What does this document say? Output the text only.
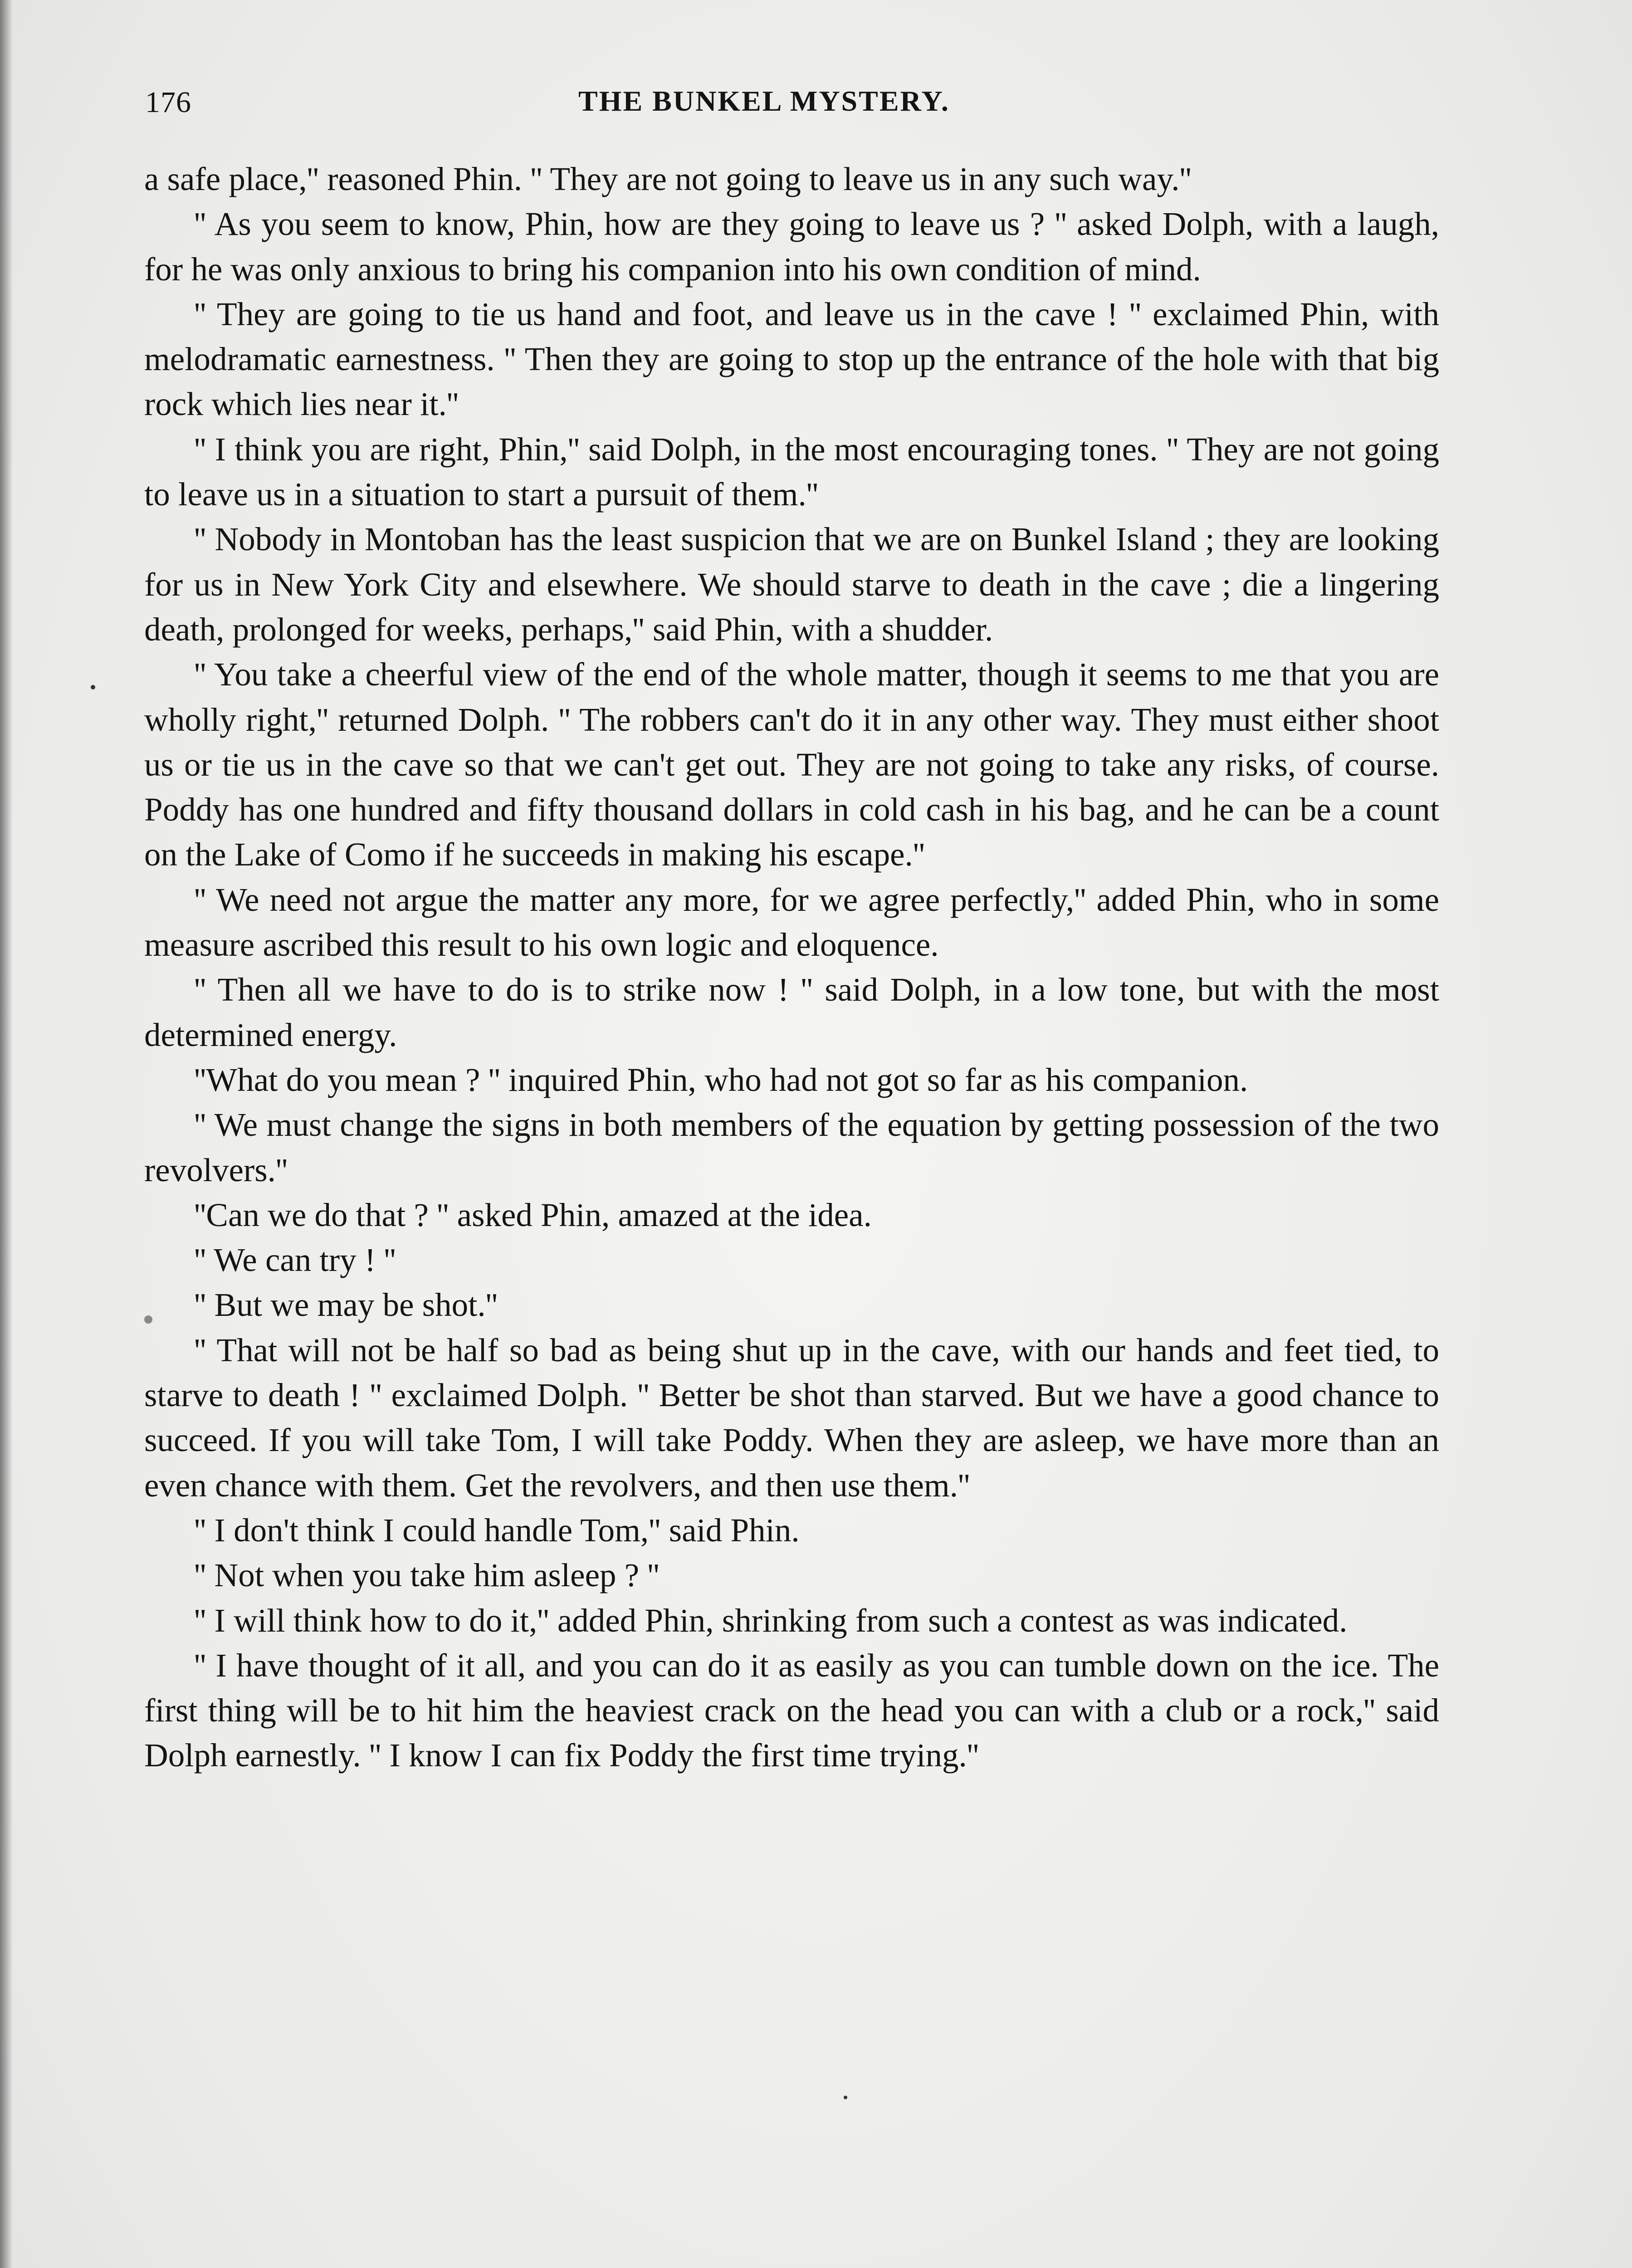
176	THE BUNKEL MYSTERY.

a safe place,'' reasoned Phin. '' They are not going to leave us in any such way.''

'' As you seem to know, Phin, how are they going to leave us ? '' asked Dolph, with a laugh, for he was only anxious to bring his companion into his own condition of mind.

'' They are going to tie us hand and foot, and leave us in the cave ! '' exclaimed Phin, with melodramatic earnestness. '' Then they are going to stop up the entrance of the hole with that big rock which lies near it.''

'' I think you are right, Phin,'' said Dolph, in the most encouraging tones. '' They are not going to leave us in a situation to start a pursuit of them.''

'' Nobody in Montoban has the least suspicion that we are on Bunkel Island ; they are looking for us in New York City and elsewhere. We should starve to death in the cave ; die a lingering death, prolonged for weeks, perhaps,'' said Phin, with a shudder.

'' You take a cheerful view of the end of the whole matter, though it seems to me that you are wholly right,'' returned Dolph. '' The robbers can't do it in any other way. They must either shoot us or tie us in the cave so that we can't get out. They are not going to take any risks, of course. Poddy has one hundred and fifty thousand dollars in cold cash in his bag, and he can be a count on the Lake of Como if he succeeds in making his escape.''

'' We need not argue the matter any more, for we agree perfectly,'' added Phin, who in some measure ascribed this result to his own logic and eloquence.

'' Then all we have to do is to strike now ! '' said Dolph, in a low tone, but with the most determined energy.

''What do you mean ? '' inquired Phin, who had not got so far as his companion.

'' We must change the signs in both members of the equation by getting possession of the two revolvers.''

''Can we do that ? '' asked Phin, amazed at the idea.

'' We can try ! ''

'' But we may be shot.''

'' That will not be half so bad as being shut up in the cave, with our hands and feet tied, to starve to death ! '' exclaimed Dolph. '' Better be shot than starved. But we have a good chance to succeed. If you will take Tom, I will take Poddy. When they are asleep, we have more than an even chance with them. Get the revolvers, and then use them.''

'' I don't think I could handle Tom,'' said Phin.

'' Not when you take him asleep ? ''

'' I will think how to do it,'' added Phin, shrinking from such a contest as was indicated.

'' I have thought of it all, and you can do it as easily as you can tumble down on the ice. The first thing will be to hit him the heaviest crack on the head you can with a club or a rock,'' said Dolph earnestly. '' I know I can fix Poddy the first time trying.''
